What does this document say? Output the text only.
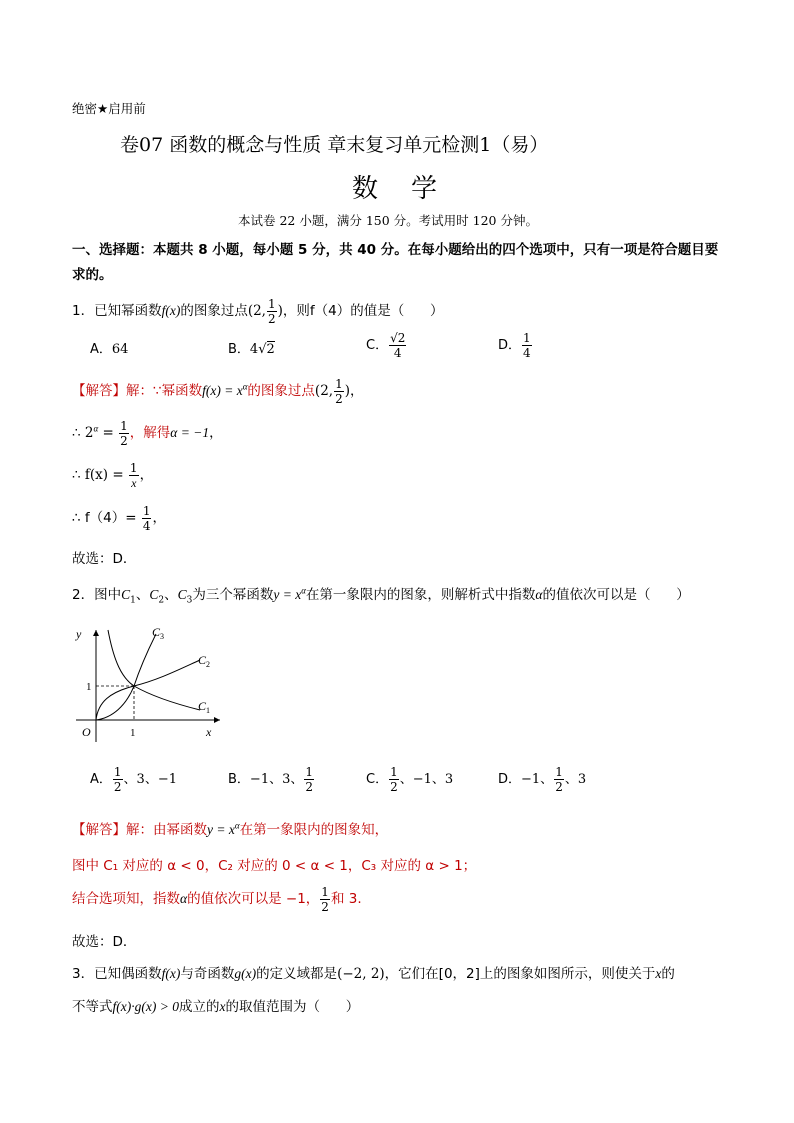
绝密★启用前
卷07 函数的概念与性质 章末复习单元检测1（易）
数    学
本试卷 22 小题，满分 150 分。考试用时 120 分钟。
一、选择题：本题共 8 小题，每小题 5 分，共 40 分。在每小题给出的四个选项中，只有一项是符合题目要
求的。
1．已知幂函数f(x)的图象过点(2, $\frac{1}{2}$ )，则f（4）的值是（      ）
A．64	B．4√2	C． $\frac{√2}{4}$	D． $\frac{1}{4}$
【解答】解：∵幂函数$f(x) = x^\alpha$的图象过点(2, $\frac{1}{2}$ )，
∴ $2^\alpha = \frac{1}{2}$ ，解得α = −1，
∴ $f(x) = \frac{1}{x}$ ，
∴ $f(4)= \frac{1}{4}$ ，
故选：D．
2．图中$C_1$、$C_2$、$C_3$为三个幂函数$y = x^\alpha$在第一象限内的图象，则解析式中指数α的值依次可以是（      ）
y
x
O	1
1
$C_3$
$C_2$
$C_1$
A． $\frac{1}{2}$ 、3、−1	B．−1、3、 $\frac{1}{2}$	C． $\frac{1}{2}$ 、−1、3	D．−1、 $\frac{1}{2}$ 、3
【解答】解：由幂函数$y = x^\alpha$在第一象限内的图象知，
图中 C₁ 对应的 α < 0，C₂ 对应的 0 < α < 1，C₃ 对应的 α > 1；
结合选项知，指数α的值依次可以是 −1， $\frac{1}{2}$ 和 3.
故选：D．
3．已知偶函数f(x)与奇函数g(x)的定义域都是(−2, 2)，它们在[0，2]上的图象如图所示，则使关于x的
不等式f(x)·g(x) > 0成立的x的取值范围为（      ）
